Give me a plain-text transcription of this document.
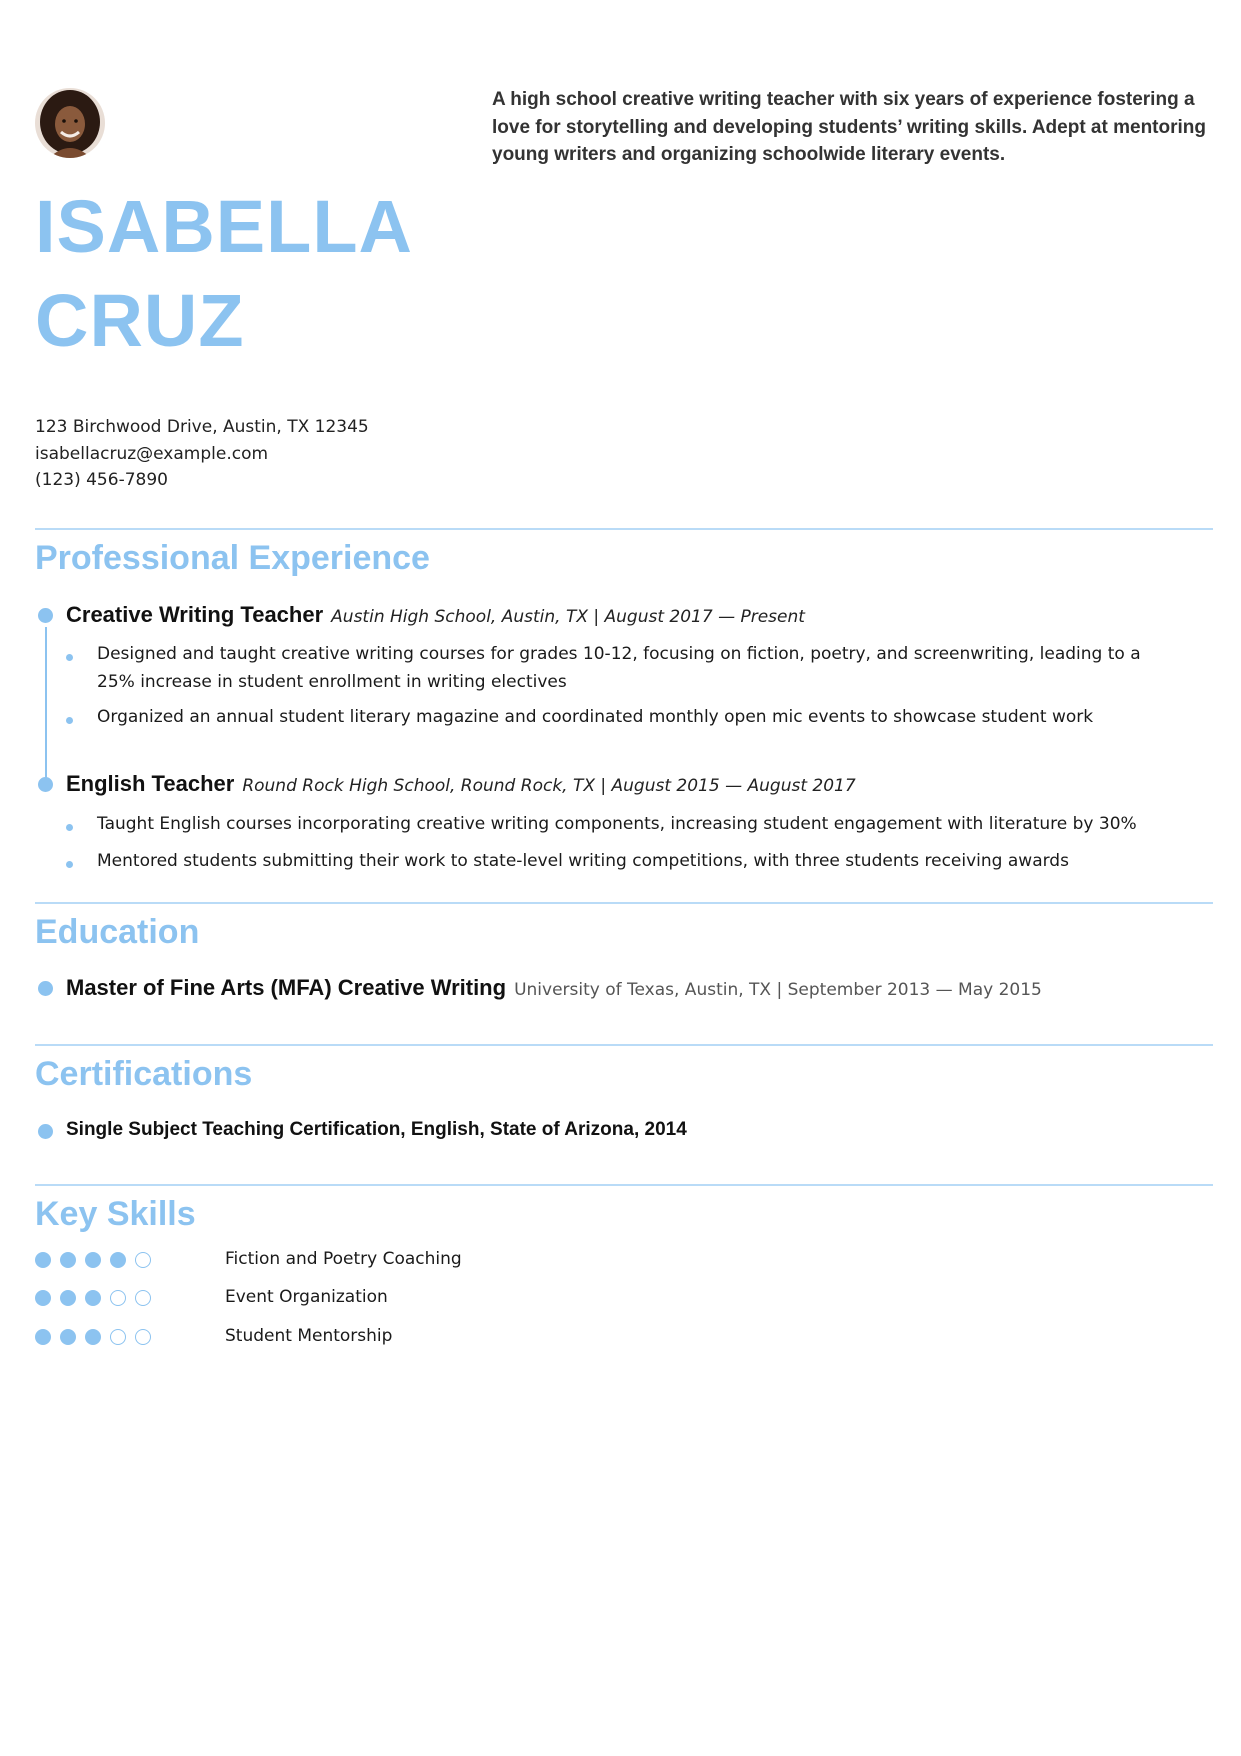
ISABELLA
CRUZ
A high school creative writing teacher with six years of experience fostering a love for storytelling and developing students’ writing skills. Adept at mentoring young writers and organizing schoolwide literary events.
123 Birchwood Drive, Austin, TX 12345
isabellacruz@example.com
(123) 456-7890
Professional Experience
Creative Writing Teacher Austin High School, Austin, TX | August 2017 — Present
Designed and taught creative writing courses for grades 10-12, focusing on fiction, poetry, and screenwriting, leading to a 25% increase in student enrollment in writing electives
Organized an annual student literary magazine and coordinated monthly open mic events to showcase student work
English Teacher Round Rock High School, Round Rock, TX | August 2015 — August 2017
Taught English courses incorporating creative writing components, increasing student engagement with literature by 30%
Mentored students submitting their work to state-level writing competitions, with three students receiving awards
Education
Master of Fine Arts (MFA) Creative Writing University of Texas, Austin, TX | September 2013 — May 2015
Certifications
Single Subject Teaching Certification, English, State of Arizona, 2014
Key Skills
Fiction and Poetry Coaching
Event Organization
Student Mentorship
